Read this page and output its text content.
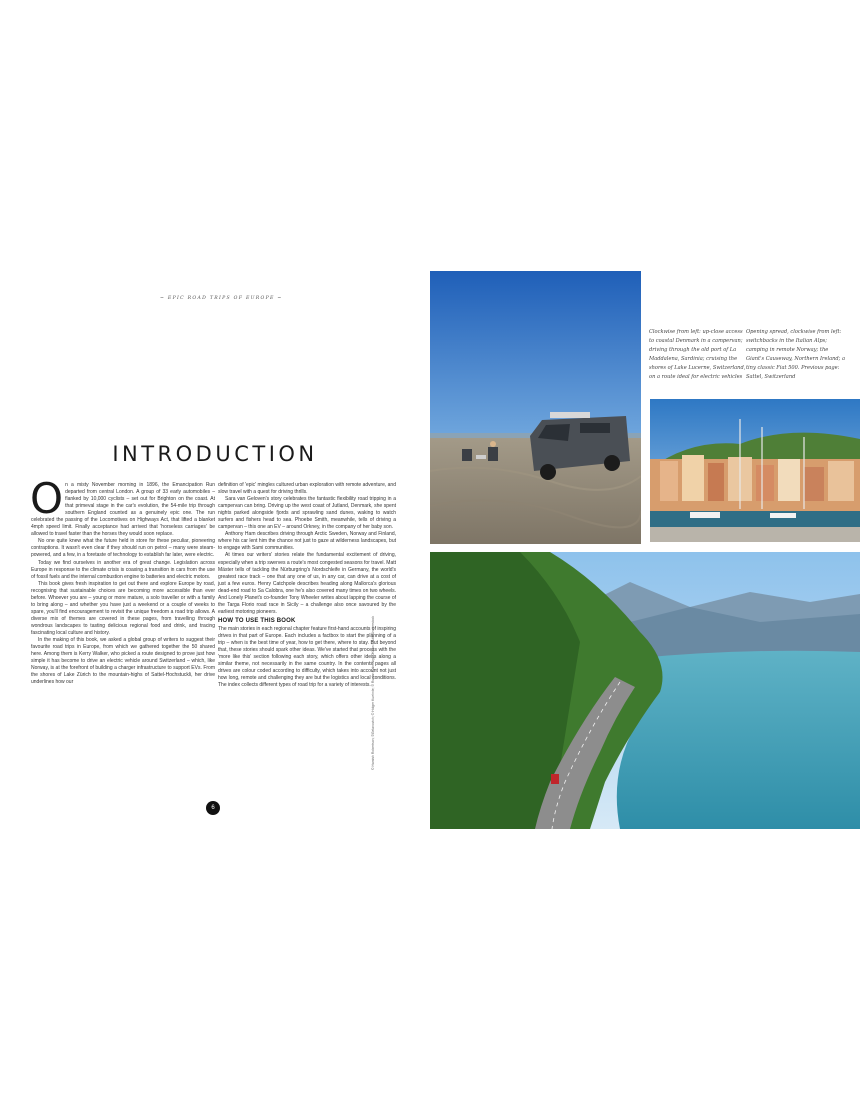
~ EPIC ROAD TRIPS OF EUROPE ~
INTRODUCTION

On a misty November morning in 1896, the Emancipation Run departed from central London. A group of 33 early automobiles – flanked by 10,000 cyclists – set out for Brighton on the coast. At that primeval stage in the car's evolution, the 54-mile trip through southern England counted as a genuinely epic one. The run celebrated the passing of the Locomotives on Highways Act, that lifted a blanket 4mph speed limit. Finally acceptance had arrived that 'horseless carriages' be allowed to travel faster than the horses they would soon replace.

No one quite knew what the future held in store for these peculiar, pioneering contraptions. It wasn't even clear if they should run on petrol – many were steam-powered, and a few, in a foretaste of technology to establish far later, were electric.

Today we find ourselves in another era of great change. Legislation across Europe in response to the climate crisis is coaxing a transition in cars from the use of fossil fuels and the internal combustion engine to batteries and electric motors.

This book gives fresh inspiration to get out there and explore Europe by road, recognising that sustainable choices are becoming more accessible than ever before. Whoever you are – young or more mature, a solo traveller or with a family to bring along – and whether you have just a weekend or a couple of weeks to spare, you'll find encouragement to revisit the unique freedom a road trip allows. A diverse mix of themes are covered in these pages, from travelling through wondrous landscapes to tasting delicious regional food and drink, and tracing fascinating local culture and history.

In the making of this book, we asked a global group of writers to suggest their favourite road trips in Europe, from which we gathered together the 50 shared here. Among them is Kerry Walker, who picked a route designed to prove just how simple it has become to drive an electric vehicle around Switzerland – which, like Norway, is at the forefront of building a charger infrastructure to support EVs. From the shores of Lake Zürich to the mountain-highs of Sattel-Hochstuckli, her drive underlines how our

definition of 'epic' mingles cultured urban exploration with remote adventure, and slow travel with a quest for driving thrills.

Sara van Geloven's story celebrates the fantastic flexibility road tripping in a campervan can bring. Driving up the west coast of Jutland, Denmark, she spent nights parked alongside fjords and sprawling sand dunes, waking to watch surfers and fishers head to sea. Phoebe Smith, meanwhile, tells of driving a campervan – this one an EV – around Orkney, in the company of her baby son.

Anthony Ham describes driving through Arctic Sweden, Norway and Finland, where his car lent him the chance not just to gaze at wilderness landscapes, but to engage with Sami communities.

At times our writers' stories relate the fundamental excitement of driving, especially when a trip swerves a route's most congested seasons for travel. Matt Mäster tells of tackling the Nürburgring's Nordschleife in Germany, the world's greatest race track – one that any one of us, in any car, can drive at a cost of just a few euros. Henry Catchpole describes heading along Mallorca's glorious dead-end road to Sa Calobra, one he's also covered many times on two wheels. And Lonely Planet's co-founder Tony Wheeler writes about lapping the course of the Targa Florio road race in Sicily – a challenge also once savoured by the earliest motoring pioneers.

HOW TO USE THIS BOOK

The main stories in each regional chapter feature first-hand accounts of inspiring drives in that part of Europe. Each includes a factbox to start the planning of a trip – when is the best time of year, how to get there, where to stay. But beyond that, these stories should spark other ideas. We've started that process with the 'more like this' section following each story, which offers other ideas along a similar theme, not necessarily in the same country. In the contents pages all drives are colour coded according to difficulty, which takes into account not just how long, remote and challenging they are but the logistics and local conditions. The index collects different types of road trip for a variety of interests.

6
© Hamish Robertson; ©Gelanovich; © Holger Kuehnle; © Ruslan Kalnitsky; ©Kilian Fauth/Shutterstock
Clockwise from left: up-close access to coastal Denmark in a campervan; driving through the old port of La Maddalena, Sardinia; cruising the shores of Lake Lucerne, Switzerland, on a route ideal for electric vehicles
Opening spread, clockwise from left: switchbacks in the Italian Alps; camping in remote Norway; the Giant's Causeway, Northern Ireland; a tiny classic Fiat 500. Previous page: Sattel, Switzerland
